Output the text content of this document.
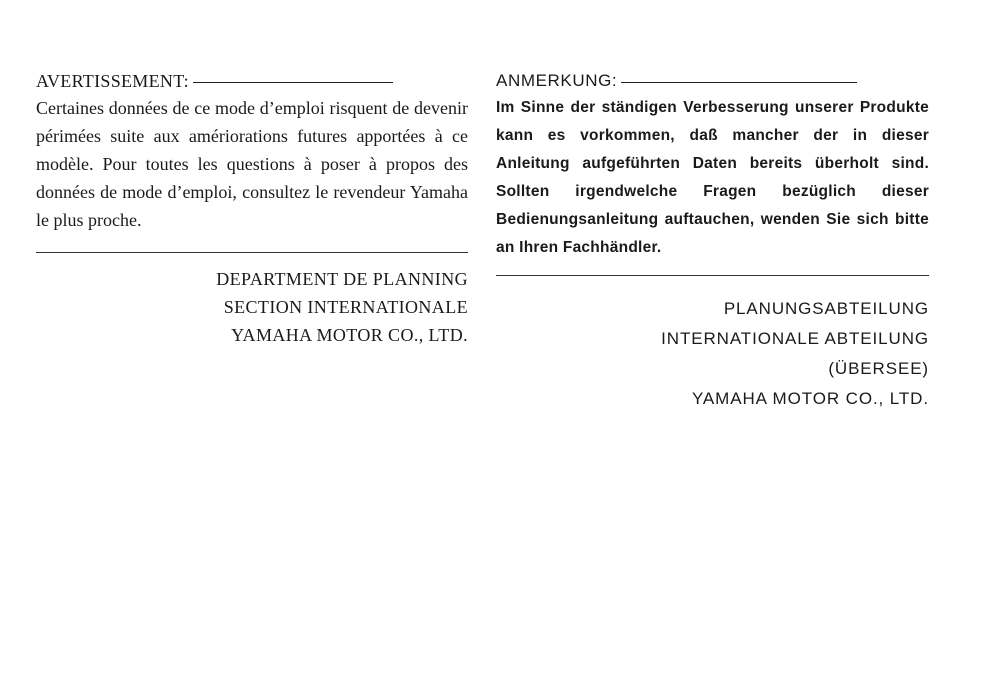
AVERTISSEMENT:

Certaines données de ce mode d’emploi risquent de devenir périmées suite aux amériorations futures apportées à ce modèle. Pour toutes les questions à poser à propos des données de mode d’emploi, consultez le revendeur Yamaha le plus proche.

DEPARTMENT DE PLANNING
SECTION INTERNATIONALE
YAMAHA MOTOR CO., LTD.
ANMERKUNG:

Im Sinne der ständigen Verbesserung unserer Produkte kann es vorkommen, daß mancher der in dieser Anleitung aufgeführten Daten bereits überholt sind. Sollten irgendwelche Fragen bezüglich dieser Bedienungsanleitung auftauchen, wenden Sie sich bitte an Ihren Fachhändler.

PLANUNGSABTEILUNG
INTERNATIONALE ABTEILUNG
(ÜBERSEE)
YAMAHA MOTOR CO., LTD.
